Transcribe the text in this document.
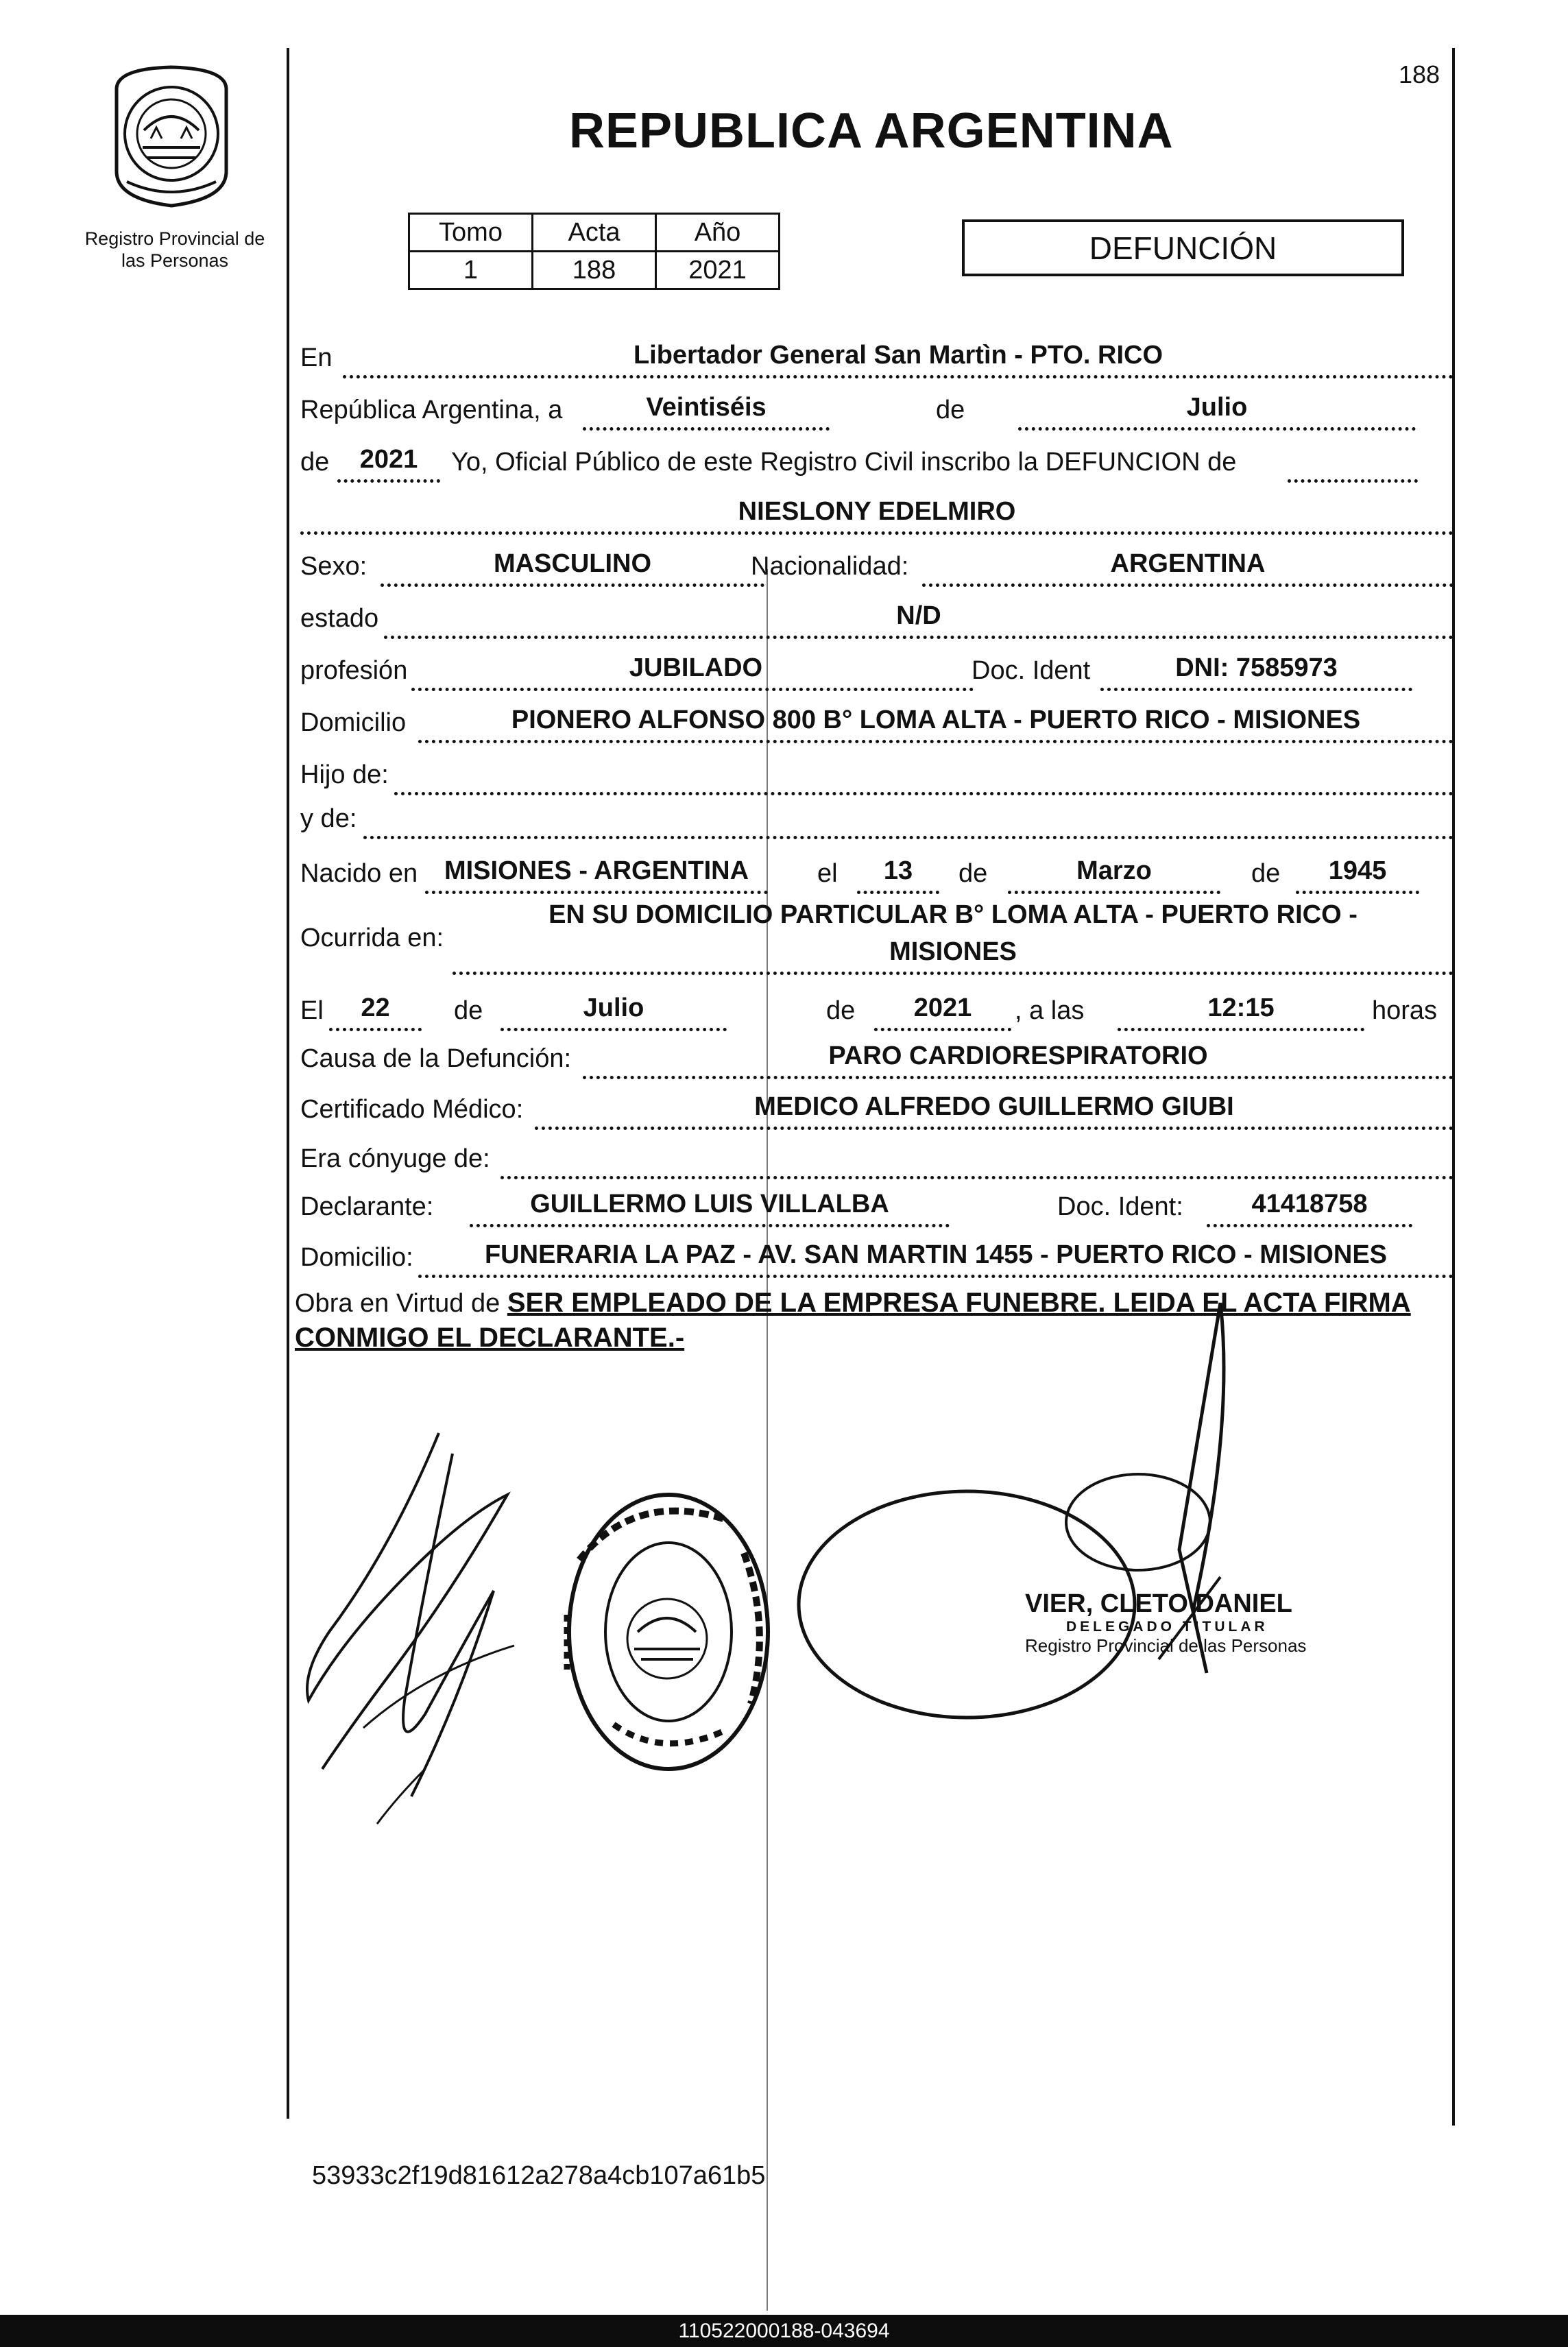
Registro Provincial de las Personas
188
REPUBLICA ARGENTINA
Tomo	Acta	Año
1	188	2021
DEFUNCIÓN
En	Libertador General San Martìn - PTO. RICO
República Argentina, a	Veintiséis	de	Julio
de	2021	Yo, Oficial Público de este Registro Civil inscribo la DEFUNCION de
NIESLONY EDELMIRO
Sexo:	MASCULINO	Nacionalidad:	ARGENTINA
estado	N/D
profesión	JUBILADO	Doc. Ident	DNI: 7585973
Domicilio	PIONERO ALFONSO 800 B° LOMA ALTA - PUERTO RICO - MISIONES
Hijo de:
y de:
Nacido en	MISIONES - ARGENTINA	el	13	de	Marzo	de	1945
Ocurrida en:
EN SU DOMICILIO PARTICULAR B° LOMA ALTA - PUERTO RICO -
MISIONES
El	22	de	Julio	de	2021	, a las	12:15	horas
Causa de la Defunción:	PARO CARDIORESPIRATORIO
Certificado Médico:	MEDICO ALFREDO GUILLERMO GIUBI
Era cónyuge de:
Declarante:	GUILLERMO LUIS VILLALBA	Doc. Ident:	41418758
Domicilio:	FUNERARIA LA PAZ - AV. SAN MARTIN 1455 - PUERTO RICO - MISIONES
Obra en Virtud de SER EMPLEADO DE LA EMPRESA FUNEBRE. LEIDA EL ACTA FIRMA CONMIGO EL DECLARANTE.-
VIER, CLETO DANIEL
DELEGADO TITULAR
Registro Provincial de las Personas
53933c2f19d81612a278a4cb107a61b5
110522000188-043694
